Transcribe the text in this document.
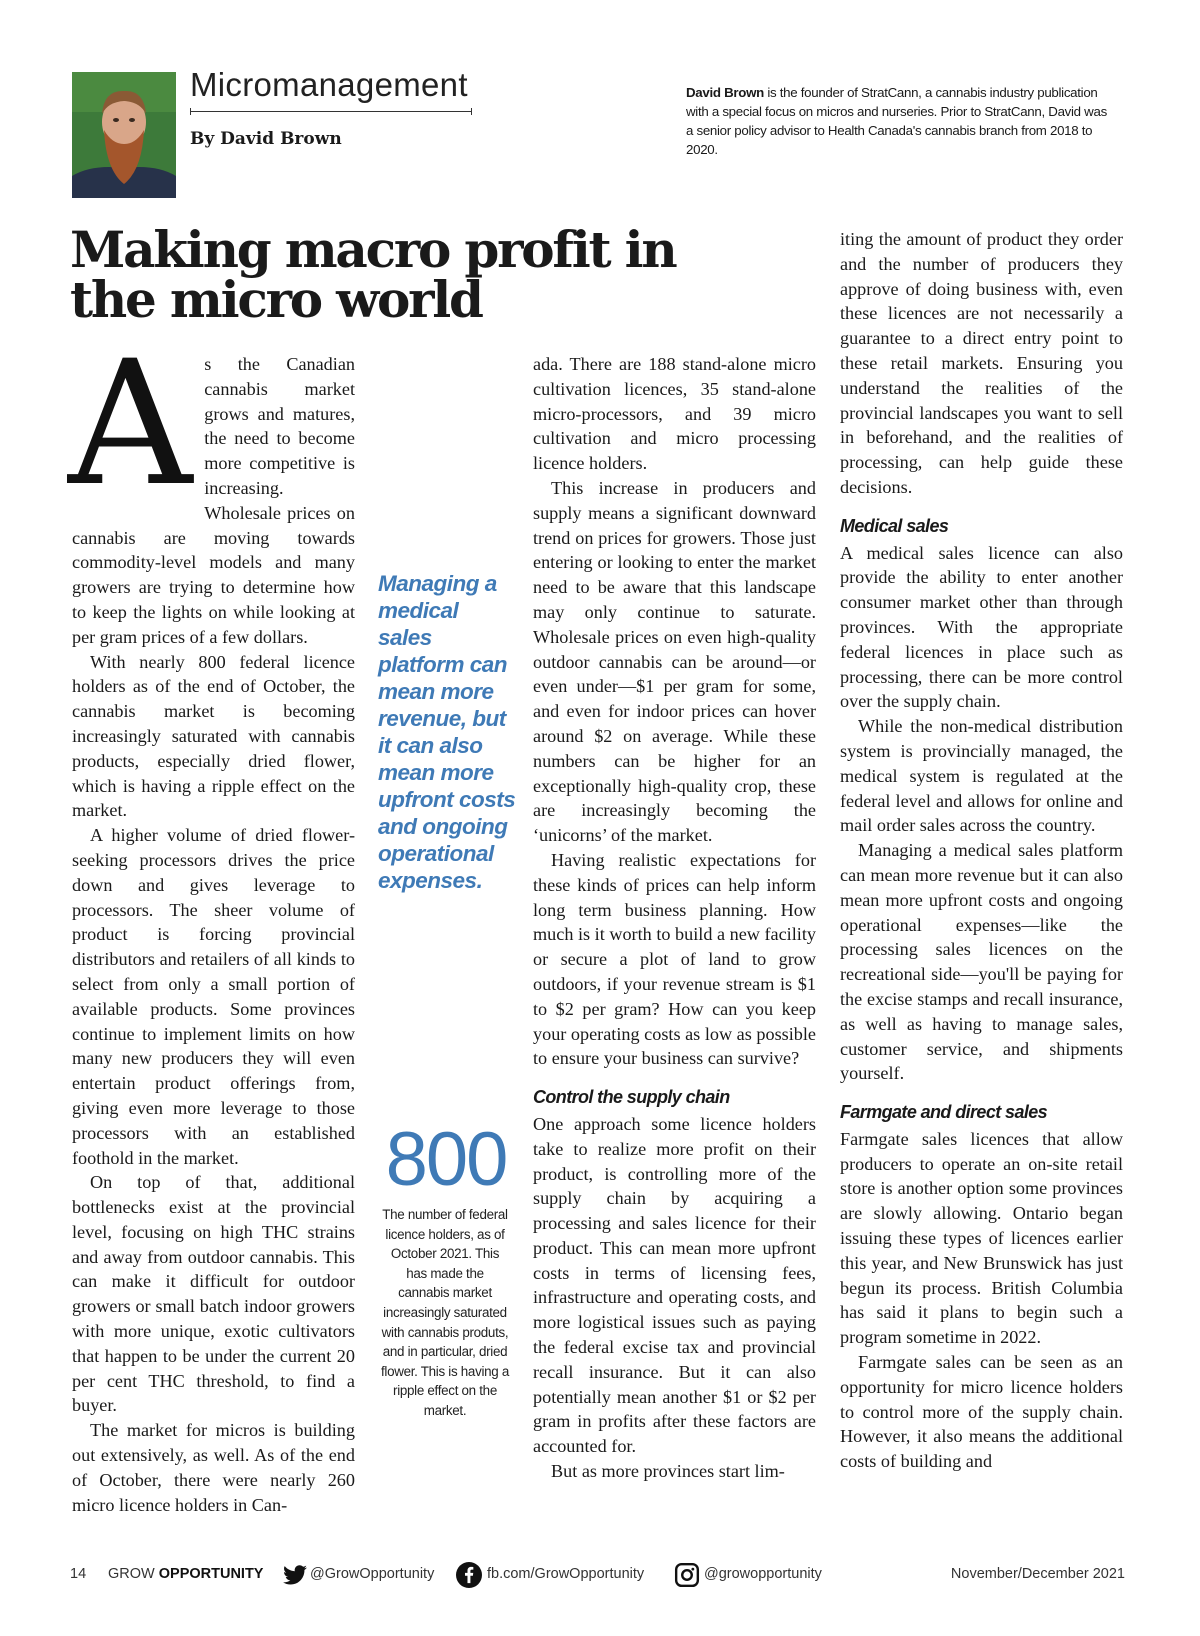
Micromanagement
By David Brown
David Brown is the founder of StratCann, a cannabis industry publication with a special focus on micros and nurseries. Prior to StratCann, David was a senior policy advisor to Health Canada's cannabis branch from 2018 to 2020.
Making macro profit in the micro world
A s the Canadian cannabis market grows and matures, the need to become more competitive is increasing. Wholesale prices on cannabis are moving towards commodity-level models and many growers are trying to determine how to keep the lights on while looking at per gram prices of a few dollars.

With nearly 800 federal licence holders as of the end of October, the cannabis market is becoming increasingly saturated with cannabis products, especially dried flower, which is having a ripple effect on the market.

A higher volume of dried flower-seeking processors drives the price down and gives leverage to processors. The sheer volume of product is forcing provincial distributors and retailers of all kinds to select from only a small portion of available products. Some provinces continue to implement limits on how many new producers they will even entertain product offerings from, giving even more leverage to those processors with an established foothold in the market.

On top of that, additional bottlenecks exist at the provincial level, focusing on high THC strains and away from outdoor cannabis. This can make it difficult for outdoor growers or small batch indoor growers with more unique, exotic cultivators that happen to be under the current 20 per cent THC threshold, to find a buyer.

The market for micros is building out extensively, as well. As of the end of October, there were nearly 260 micro licence holders in Can-

Managing a medical sales platform can mean more revenue, but it can also mean more upfront costs and ongoing operational expenses.
800
The number of federal licence holders, as of October 2021. This has made the cannabis market increasingly saturated with cannabis produts, and in particular, dried flower. This is having a ripple effect on the market.

ada. There are 188 stand-alone micro cultivation licences, 35 stand-alone micro-processors, and 39 micro cultivation and micro processing licence holders.

This increase in producers and supply means a significant downward trend on prices for growers. Those just entering or looking to enter the market need to be aware that this landscape may only continue to saturate. Wholesale prices on even high-quality outdoor cannabis can be around—or even under—$1 per gram for some, and even for indoor prices can hover around $2 on average. While these numbers can be higher for an exceptionally high-quality crop, these are increasingly becoming the ‘unicorns’ of the market.

Having realistic expectations for these kinds of prices can help inform long term business planning. How much is it worth to build a new facility or secure a plot of land to grow outdoors, if your revenue stream is $1 to $2 per gram? How can you keep your operating costs as low as possible to ensure your business can survive?

Control the supply chain

One approach some licence holders take to realize more profit on their product, is controlling more of the supply chain by acquiring a processing and sales licence for their product. This can mean more upfront costs in terms of licensing fees, infrastructure and operating costs, and more logistical issues such as paying the federal excise tax and provincial recall insurance. But it can also potentially mean another $1 or $2 per gram in profits after these factors are accounted for.

But as more provinces start lim-

iting the amount of product they order and the number of producers they approve of doing business with, even these licences are not necessarily a guarantee to a direct entry point to these retail markets. Ensuring you understand the realities of the provincial landscapes you want to sell in beforehand, and the realities of processing, can help guide these decisions.

Medical sales

A medical sales licence can also provide the ability to enter another consumer market other than through provinces. With the appropriate federal licences in place such as processing, there can be more control over the supply chain.

While the non-medical distribution system is provincially managed, the medical system is regulated at the federal level and allows for online and mail order sales across the country.

Managing a medical sales platform can mean more revenue but it can also mean more upfront costs and ongoing operational expenses—like the processing sales licences on the recreational side—you'll be paying for the excise stamps and recall insurance, as well as having to manage sales, customer service, and shipments yourself.

Farmgate and direct sales

Farmgate sales licences that allow producers to operate an on-site retail store is another option some provinces are slowly allowing. Ontario began issuing these types of licences earlier this year, and New Brunswick has just begun its process. British Columbia has said it plans to begin such a program sometime in 2022.

Farmgate sales can be seen as an opportunity for micro licence holders to control more of the supply chain. However, it also means the additional costs of building and

14 GROW OPPORTUNITY	@GrowOpportunity	fb.com/GrowOpportunity	@growopportunity	November/December 2021
